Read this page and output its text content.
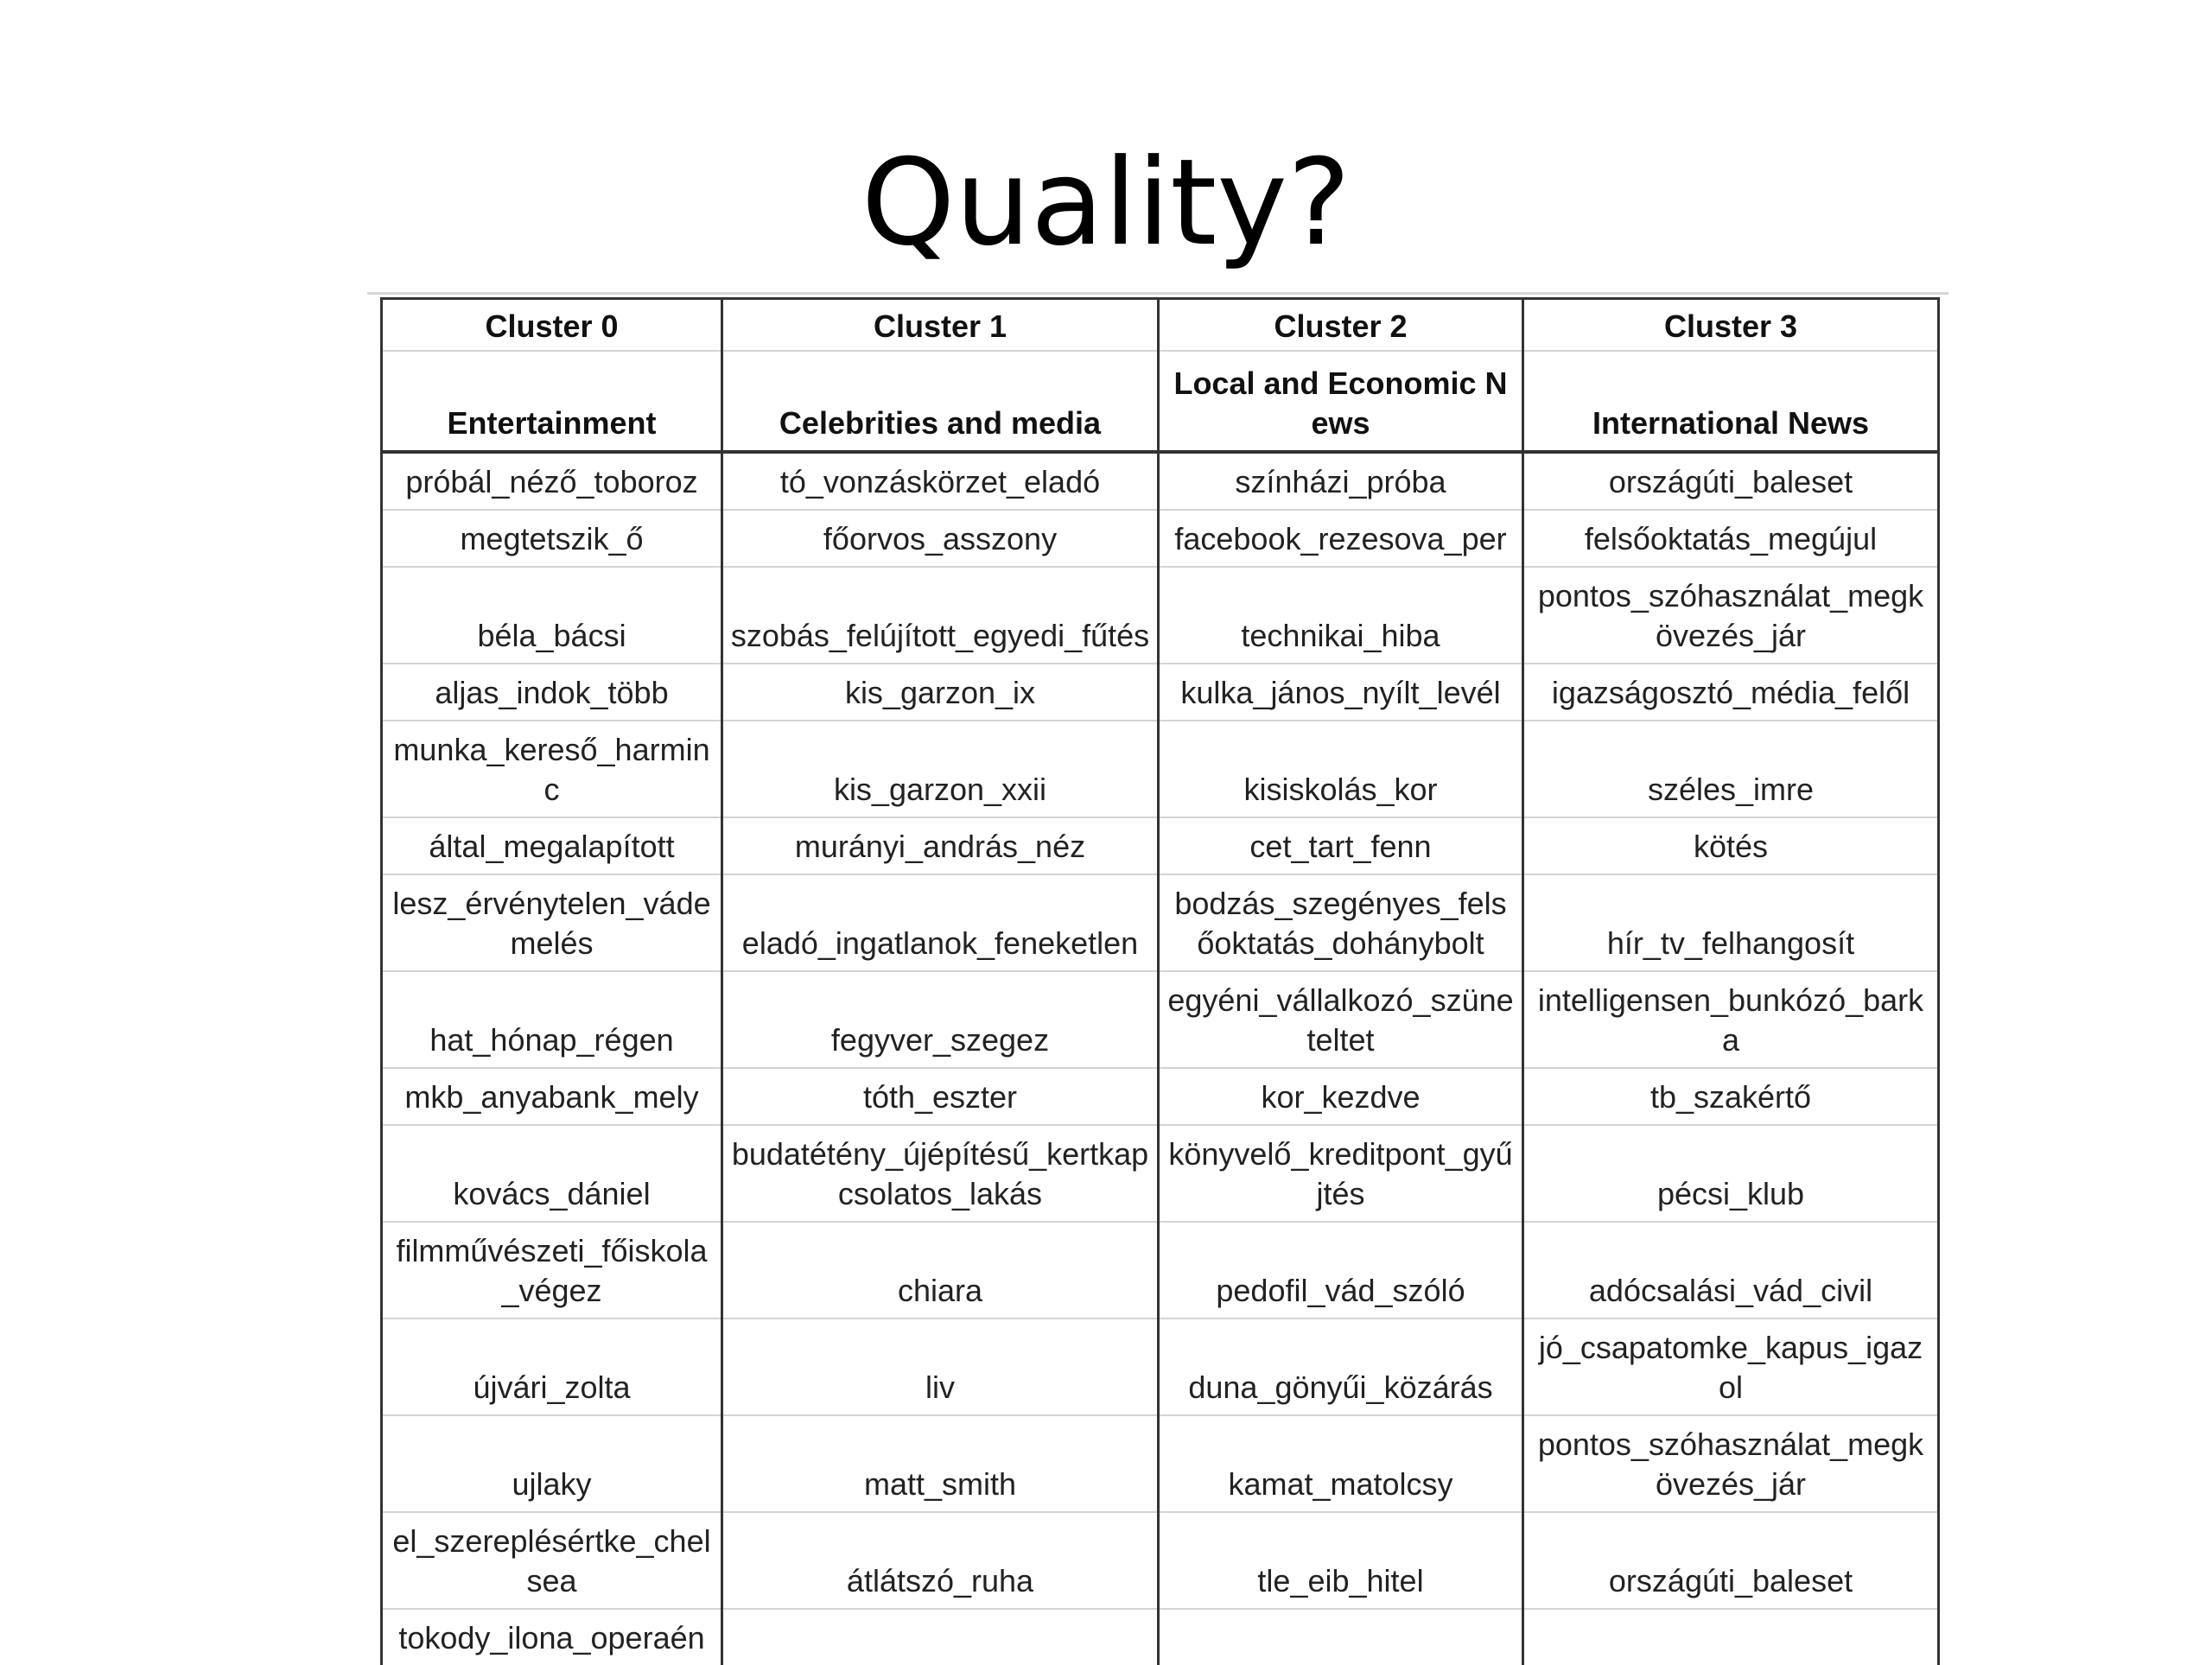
Quality?
Cluster 0	Cluster 1	Cluster 2	Cluster 3
Entertainment	Celebrities and media	Local and Economic News	International News
próbál_néző_toboroz	tó_vonzáskörzet_eladó	színházi_próba	országúti_baleset
megtetszik_ő	főorvos_asszony	facebook_rezesova_per	felsőoktatás_megújul
béla_bácsi	szobás_felújított_egyedi_fűtés	technikai_hiba	pontos_szóhasználat_megkövezés_jár
aljas_indok_több	kis_garzon_ix	kulka_jános_nyílt_levél	igazságosztó_média_felől
munka_kereső_harminc	kis_garzon_xxii	kisiskolás_kor	széles_imre
által_megalapított	murányi_andrás_néz	cet_tart_fenn	kötés
lesz_érvénytelen_vádemelés	eladó_ingatlanok_feneketlen	bodzás_szegényes_felsőoktatás_dohánybolt	hír_tv_felhangosít
hat_hónap_régen	fegyver_szegez	egyéni_vállalkozó_szüneteltet	intelligensen_bunkózó_barka
mkb_anyabank_mely	tóth_eszter	kor_kezdve	tb_szakértő
kovács_dániel	budatétény_újépítésű_kertkapcsolatos_lakás	könyvelő_kreditpont_gyűjtés	pécsi_klub
filmművészeti_főiskola_végez	chiara	pedofil_vád_szóló	adócsalási_vád_civil
újvári_zolta	liv	duna_gönyűi_közárás	jó_csapatomke_kapus_igazol
ujlaky	matt_smith	kamat_matolcsy	pontos_szóhasználat_megkövezés_jár
el_szereplésértke_chelsea	átlátszó_ruha	tle_eib_hitel	országúti_baleset
tokody_ilona_operaén			
